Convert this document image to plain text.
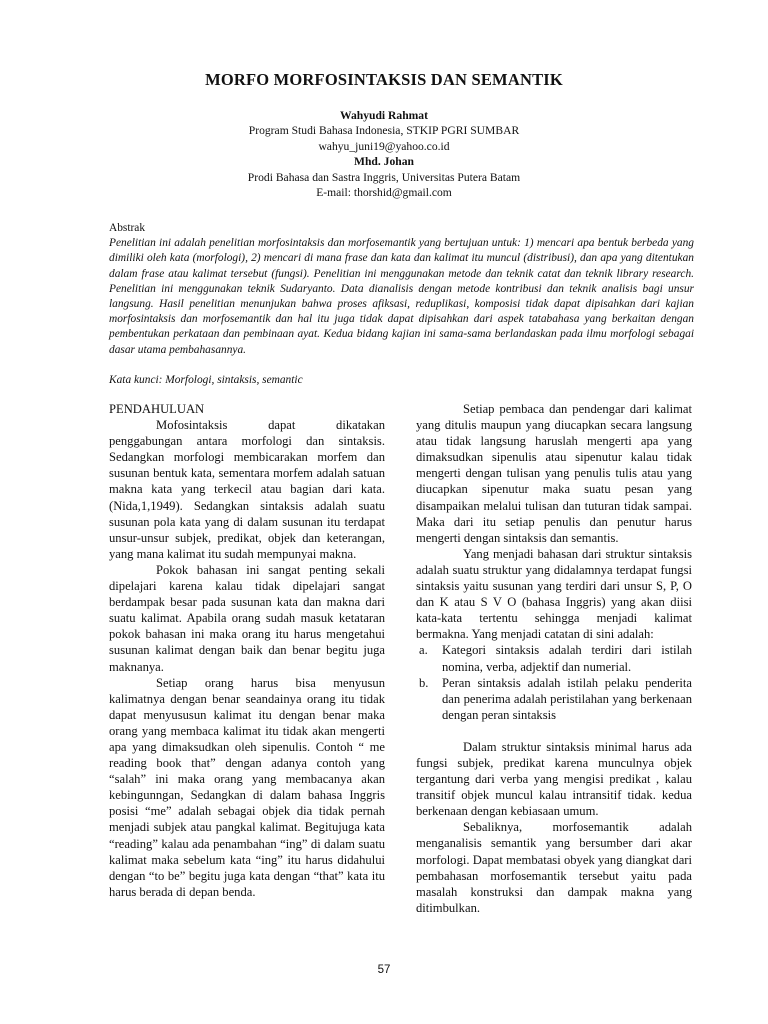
MORFO MORFOSINTAKSIS DAN SEMANTIK
Wahyudi Rahmat
Program Studi Bahasa Indonesia, STKIP PGRI SUMBAR
wahyu_juni19@yahoo.co.id
Mhd. Johan
Prodi Bahasa dan Sastra Inggris, Universitas Putera Batam
E-mail: thorshid@gmail.com

Abstrak

Penelitian ini adalah penelitian morfosintaksis dan morfosemantik yang bertujuan untuk: 1) mencari apa bentuk berbeda yang dimiliki oleh kata (morfologi), 2) mencari di mana frase dan kata dan kalimat itu muncul (distribusi), dan apa yang ditentukan dalam frase atau kalimat tersebut (fungsi). Penelitian ini menggunakan metode dan teknik catat dan teknik library research. Penelitian ini menggunakan teknik Sudaryanto. Data dianalisis dengan metode kontribusi dan teknik analisis bagi unsur langsung. Hasil penelitian menunjukan bahwa proses afiksasi, reduplikasi, komposisi tidak dapat dipisahkan dari kajian morfosintaksis dan morfosemantik dan hal itu juga tidak dapat dipisahkan dari aspek tatabahasa yang berkaitan dengan pembentukan perkataan dan pembinaan ayat. Kedua bidang kajian ini sama-sama berlandaskan pada ilmu morfologi sebagai dasar utama pembahasannya.

Kata kunci: Morfologi, sintaksis, semantic

PENDAHULUAN

Mofosintaksis dapat dikatakan penggabungan antara morfologi dan sintaksis. Sedangkan morfologi membicarakan morfem dan susunan bentuk kata, sementara morfem adalah satuan makna kata yang terkecil atau bagian dari kata. (Nida,1,1949). Sedangkan sintaksis adalah suatu susunan pola kata yang di dalam susunan itu terdapat unsur-unsur subjek, predikat, objek dan keterangan, yang mana kalimat itu sudah mempunyai makna.

Pokok bahasan ini sangat penting sekali dipelajari karena kalau tidak dipelajari sangat berdampak besar pada susunan kata dan makna dari suatu kalimat. Apabila orang sudah masuk ketataran pokok bahasan ini maka orang itu harus mengetahui susunan kalimat dengan baik dan benar begitu juga maknanya.

Setiap orang harus bisa menyusun kalimatnya dengan benar seandainya orang itu tidak dapat menyususun kalimat itu dengan benar maka orang yang membaca kalimat itu tidak akan mengerti apa yang dimaksudkan oleh sipenulis. Contoh “ me reading book that” dengan adanya contoh yang “salah” ini maka orang yang membacanya akan kebingunngan, Sedangkan di dalam bahasa Inggris posisi “me” adalah sebagai objek dia tidak pernah menjadi subjek atau pangkal kalimat. Begitujuga kata “reading” kalau ada penambahan “ing” di dalam suatu kalimat maka sebelum kata “ing” itu harus didahului dengan “to be” begitu juga kata dengan “that” kata itu harus berada di depan benda.

Setiap pembaca dan pendengar dari kalimat yang ditulis maupun yang diucapkan secara langsung atau tidak langsung haruslah mengerti apa yang dimaksudkan sipenulis atau sipenutur kalau tidak mengerti dengan tulisan yang penulis tulis atau yang diucapkan sipenutur maka suatu pesan yang disampaikan melalui tulisan dan tuturan tidak sampai. Maka dari itu setiap penulis dan penutur harus mengerti dengan sintaksis dan semantis.

Yang menjadi bahasan dari struktur sintaksis adalah suatu struktur yang didalamnya terdapat fungsi sintaksis yaitu susunan yang terdiri dari unsur S, P, O dan K atau S V O (bahasa Inggris) yang akan diisi kata-kata tertentu sehingga menjadi kalimat bermakna. Yang menjadi catatan di sini adalah:

a. Kategori sintaksis adalah terdiri dari istilah nomina, verba, adjektif dan numerial.
b. Peran sintaksis adalah istilah pelaku penderita dan penerima adalah peristilahan yang berkenaan dengan peran sintaksis

Dalam struktur sintaksis minimal harus ada fungsi subjek, predikat karena munculnya objek tergantung dari verba yang mengisi predikat , kalau transitif objek muncul kalau intransitif tidak. kedua berkenaan dengan kebiasaan umum.

Sebaliknya, morfosemantik adalah menganalisis semantik yang bersumber dari akar morfologi. Dapat membatasi obyek yang diangkat dari pembahasan morfosemantik tersebut yaitu pada masalah konstruksi dan dampak makna yang ditimbulkan.

57
